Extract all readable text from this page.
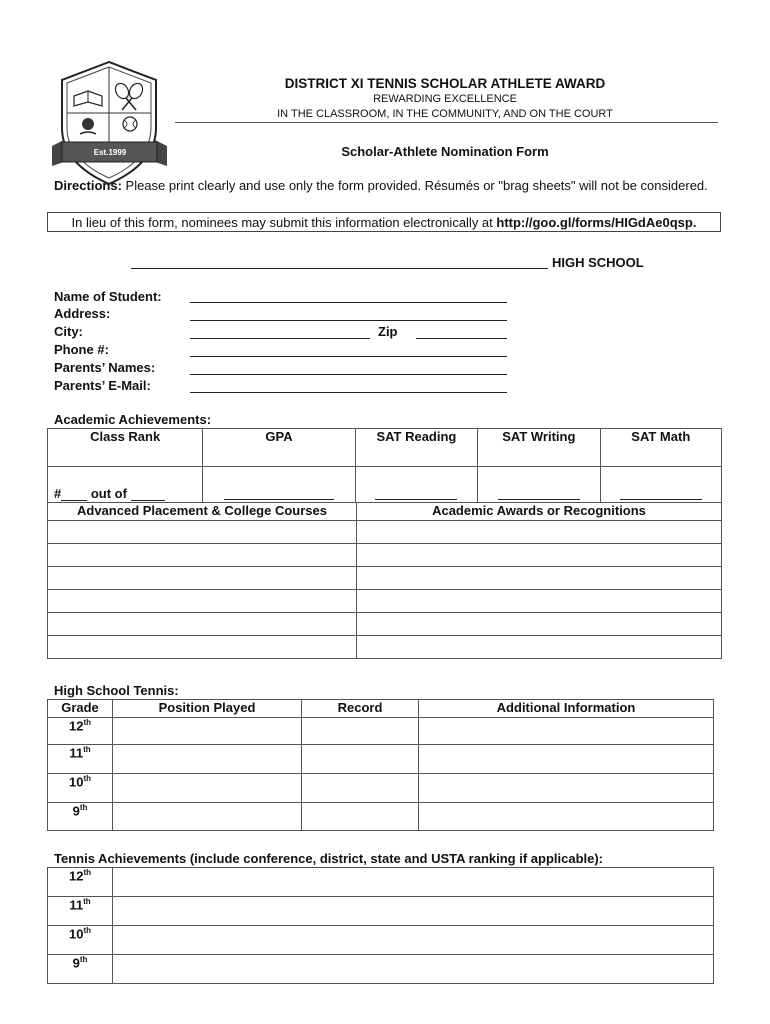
Est.1999
DISTRICT XI TENNIS SCHOLAR ATHLETE AWARD
REWARDING EXCELLENCE
IN THE CLASSROOM, IN THE COMMUNITY, AND ON THE COURT
Scholar-Athlete Nomination Form
Directions: Please print clearly and use only the form provided. Résumés or "brag sheets" will not be considered.
In lieu of this form, nominees may submit this information electronically at http://goo.gl/forms/HIGdAe0qsp.
HIGH SCHOOL
Name of Student:
Address:
City:	Zip
Phone #:
Parents’ Names:
Parents’ E-Mail:
Academic Achievements:
Class Rank	GPA	SAT Reading	SAT Writing	SAT Math
# out of				
Advanced Placement & College Courses	Academic Awards or Recognitions

High School Tennis:
Grade	Position Played	Record	Additional Information
12th			
11th			
10th			
9th			
Tennis Achievements (include conference, district, state and USTA ranking if applicable):
12th	
11th	
10th	
9th	
